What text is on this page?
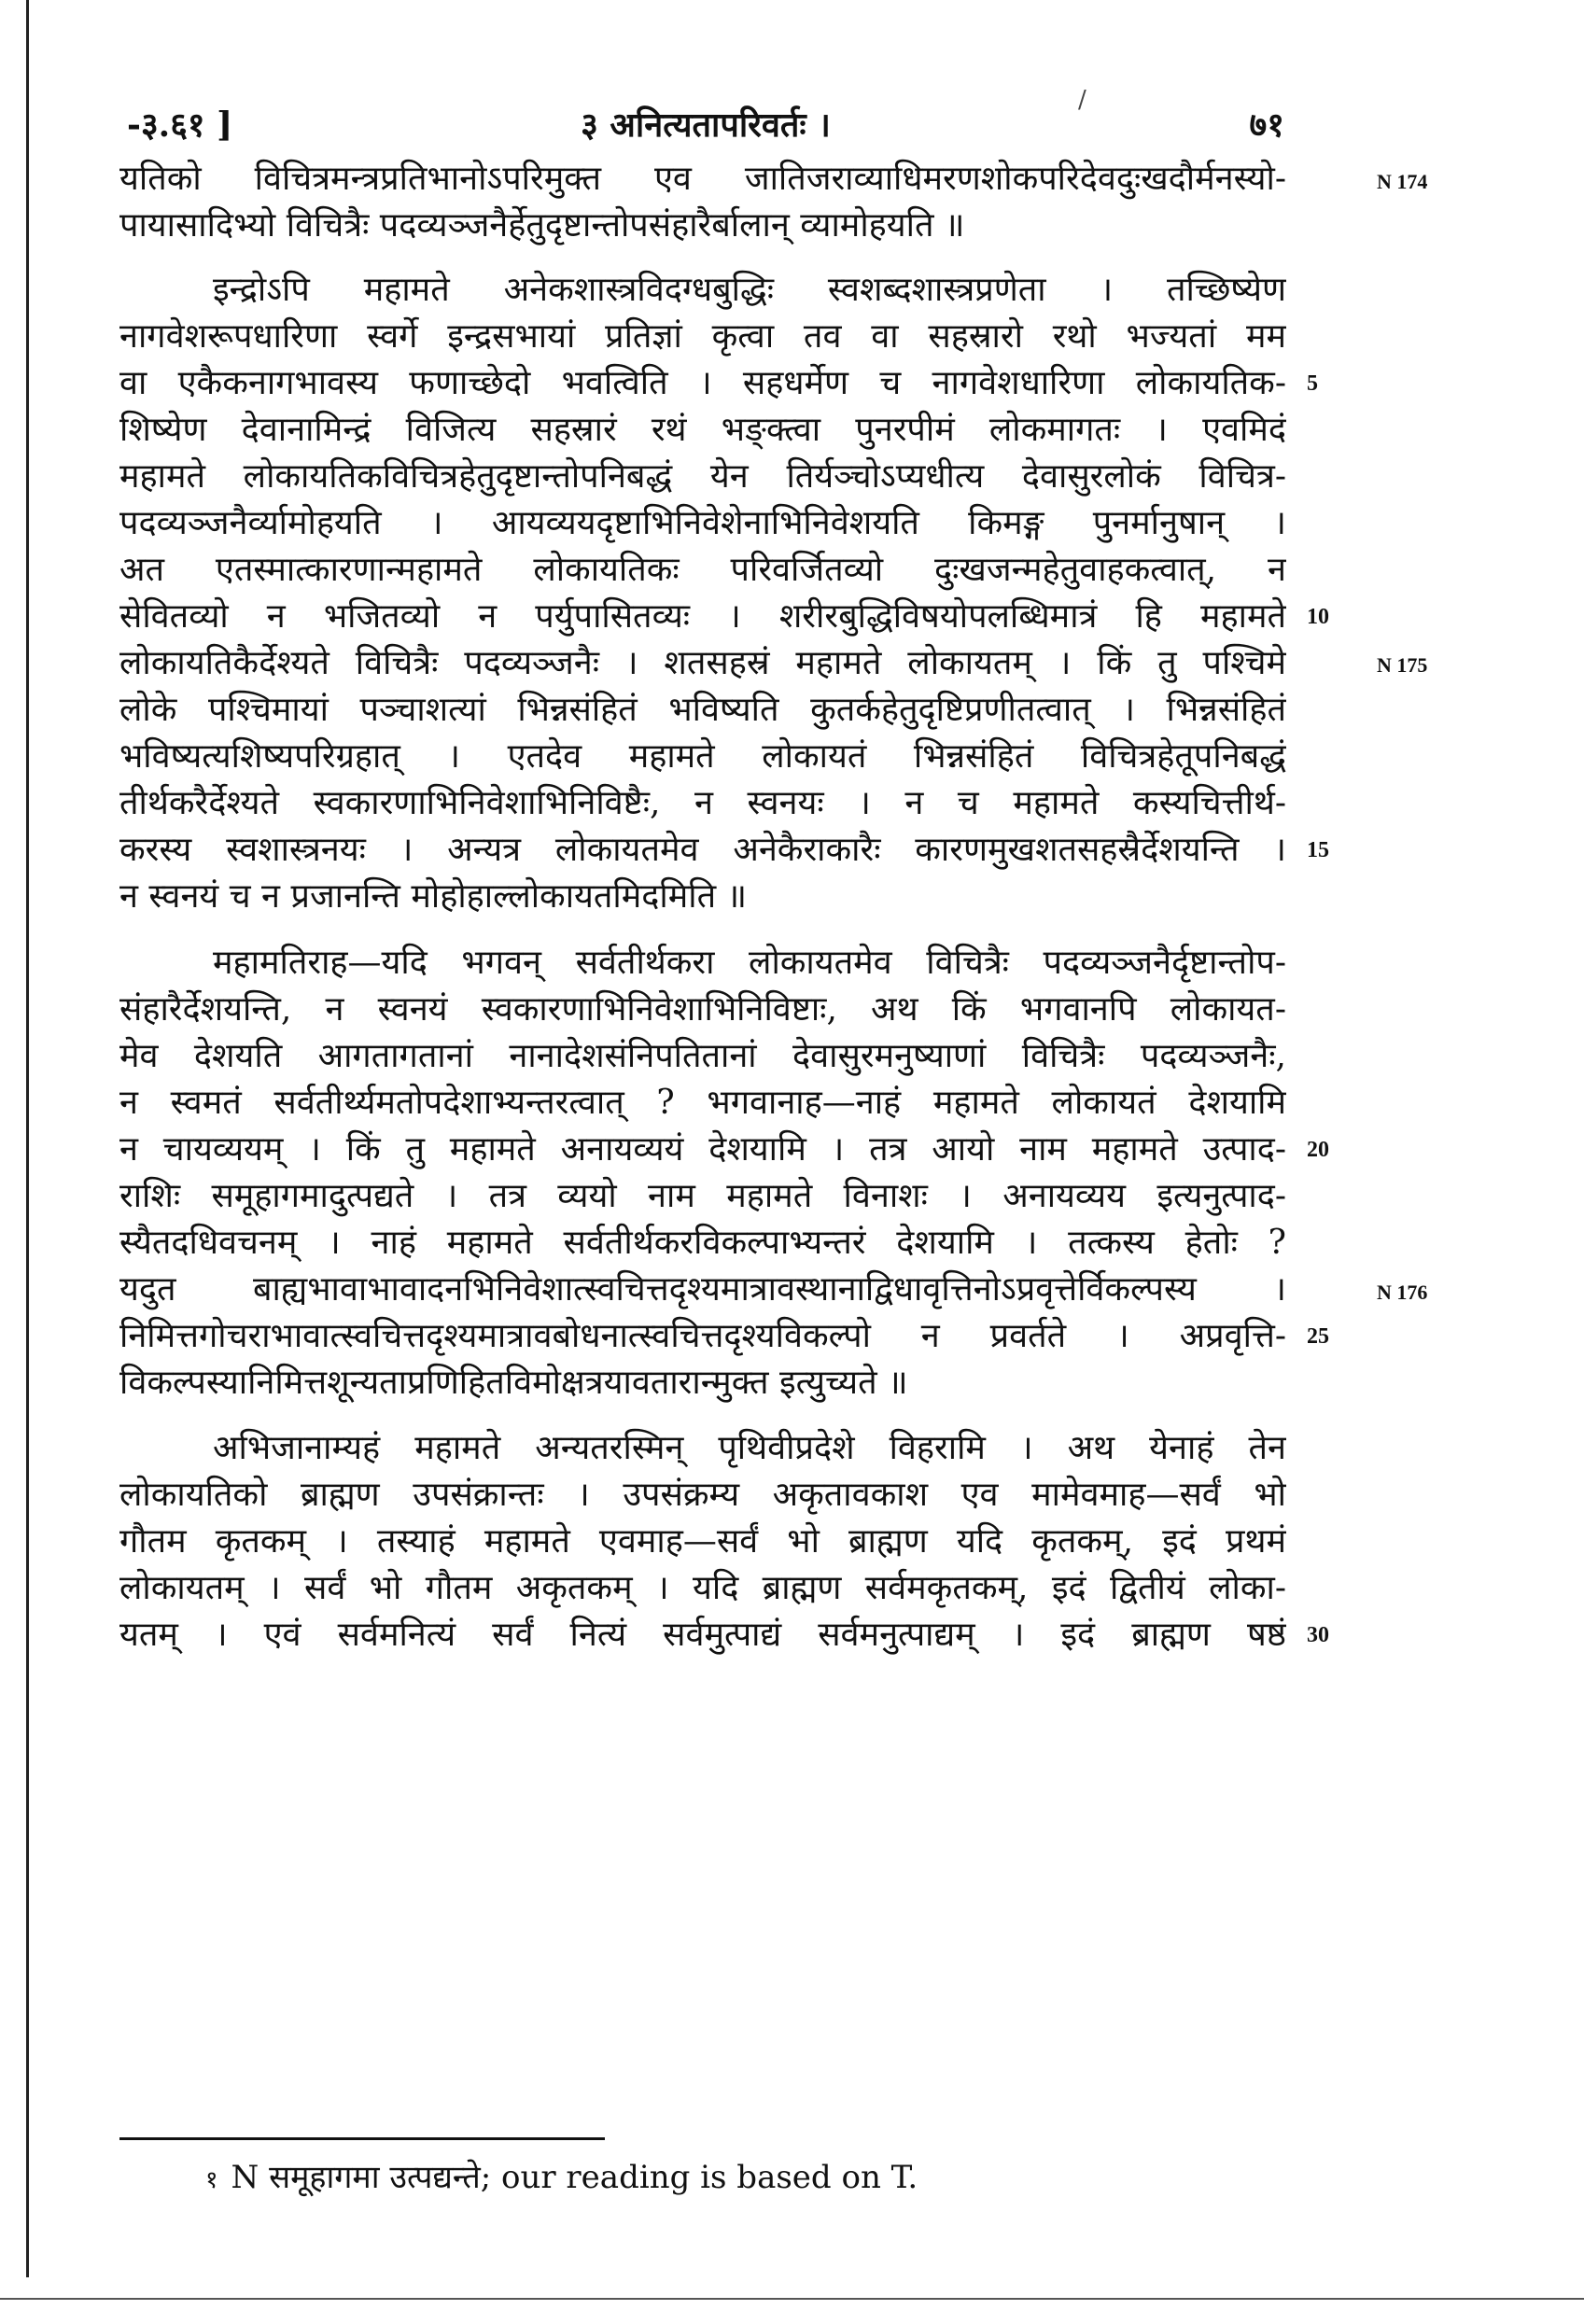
/
-३.६१ ]	३ अनित्यतापरिवर्तः ।	७१
यतिको विचित्रमन्त्रप्रतिभानोऽपरिमुक्त एव जातिजराव्याधिमरणशोकपरिदेवदुःखदौर्मनस्यो-
पायासादिभ्यो विचित्रैः पदव्यञ्जनैर्हेतुदृष्टान्तोपसंहारैर्बालान् व्यामोहयति ॥
इन्द्रोऽपि महामते अनेकशास्त्रविदग्धबुद्धिः स्वशब्दशास्त्रप्रणेता । तच्छिष्येण
नागवेशरूपधारिणा स्वर्गे इन्द्रसभायां प्रतिज्ञां कृत्वा तव वा सहस्रारो रथो भज्यतां मम
वा एकैकनागभावस्य फणाच्छेदो भवत्विति । सहधर्मेण च नागवेशधारिणा लोकायतिक-
शिष्येण देवानामिन्द्रं विजित्य सहस्रारं रथं भङ्क्त्वा पुनरपीमं लोकमागतः । एवमिदं
महामते लोकायतिकविचित्रहेतुदृष्टान्तोपनिबद्धं येन तिर्यञ्चोऽप्यधीत्य देवासुरलोकं विचित्र-
पदव्यञ्जनैर्व्यामोहयति । आयव्ययदृष्टाभिनिवेशेनाभिनिवेशयति किमङ्ग पुनर्मानुषान् ।
अत एतस्मात्कारणान्महामते लोकायतिकः परिवर्जितव्यो दुःखजन्महेतुवाहकत्वात्, न
सेवितव्यो न भजितव्यो न पर्युपासितव्यः । शरीरबुद्धिविषयोपलब्धिमात्रं हि महामते
लोकायतिकैर्देश्यते विचित्रैः पदव्यञ्जनैः । शतसहस्रं महामते लोकायतम् । किं तु पश्चिमे
लोके पश्चिमायां पञ्चाशत्यां भिन्नसंहितं भविष्यति कुतर्कहेतुदृष्टिप्रणीतत्वात् । भिन्नसंहितं
भविष्यत्यशिष्यपरिग्रहात् । एतदेव महामते लोकायतं भिन्नसंहितं विचित्रहेतूपनिबद्धं
तीर्थकरैर्देश्यते स्वकारणाभिनिवेशाभिनिविष्टैः, न स्वनयः । न च महामते कस्यचित्तीर्थ-
करस्य स्वशास्त्रनयः । अन्यत्र लोकायतमेव अनेकैराकारैः कारणमुखशतसहस्रैर्देशयन्ति ।
न स्वनयं च न प्रजानन्ति मोहोहाल्लोकायतमिदमिति ॥
महामतिराह—यदि भगवन् सर्वतीर्थकरा लोकायतमेव विचित्रैः पदव्यञ्जनैर्दृष्टान्तोप-
संहारैर्देशयन्ति, न स्वनयं स्वकारणाभिनिवेशाभिनिविष्टाः, अथ किं भगवानपि लोकायत-
मेव देशयति आगतागतानां नानादेशसंनिपतितानां देवासुरमनुष्याणां विचित्रैः पदव्यञ्जनैः,
न स्वमतं सर्वतीर्थ्यमतोपदेशाभ्यन्तरत्वात् ? भगवानाह—नाहं महामते लोकायतं देशयामि
न चायव्ययम् । किं तु महामते अनायव्ययं देशयामि । तत्र आयो नाम महामते उत्पाद-
राशिः समूहागमादुत्पद्यते । तत्र व्ययो नाम महामते विनाशः । अनायव्यय इत्यनुत्पाद-
स्यैतदधिवचनम् । नाहं महामते सर्वतीर्थकरविकल्पाभ्यन्तरं देशयामि । तत्कस्य हेतोः ?
यदुत बाह्यभावाभावादनभिनिवेशात्स्वचित्तदृश्यमात्रावस्थानाद्विधावृत्तिनोऽप्रवृत्तेर्विकल्पस्य ।
निमित्तगोचराभावात्स्वचित्तदृश्यमात्रावबोधनात्स्वचित्तदृश्यविकल्पो न प्रवर्तते । अप्रवृत्ति-
विकल्पस्यानिमित्तशून्यताप्रणिहितविमोक्षत्रयावतारान्मुक्त इत्युच्यते ॥
अभिजानाम्यहं महामते अन्यतरस्मिन् पृथिवीप्रदेशे विहरामि । अथ येनाहं तेन
लोकायतिको ब्राह्मण उपसंक्रान्तः । उपसंक्रम्य अकृतावकाश एव मामेवमाह—सर्वं भो
गौतम कृतकम् । तस्याहं महामते एवमाह—सर्वं भो ब्राह्मण यदि कृतकम्, इदं प्रथमं
लोकायतम् । सर्वं भो गौतम अकृतकम् । यदि ब्राह्मण सर्वमकृतकम्, इदं द्वितीयं लोका-
यतम् । एवं सर्वमनित्यं सर्वं नित्यं सर्वमुत्पाद्यं सर्वमनुत्पाद्यम् । इदं ब्राह्मण षष्ठं
5
10
15
20
25
30
N 174
N 175
N 176
१ N समूहागमा उत्पद्यन्ते; our reading is based on T.
